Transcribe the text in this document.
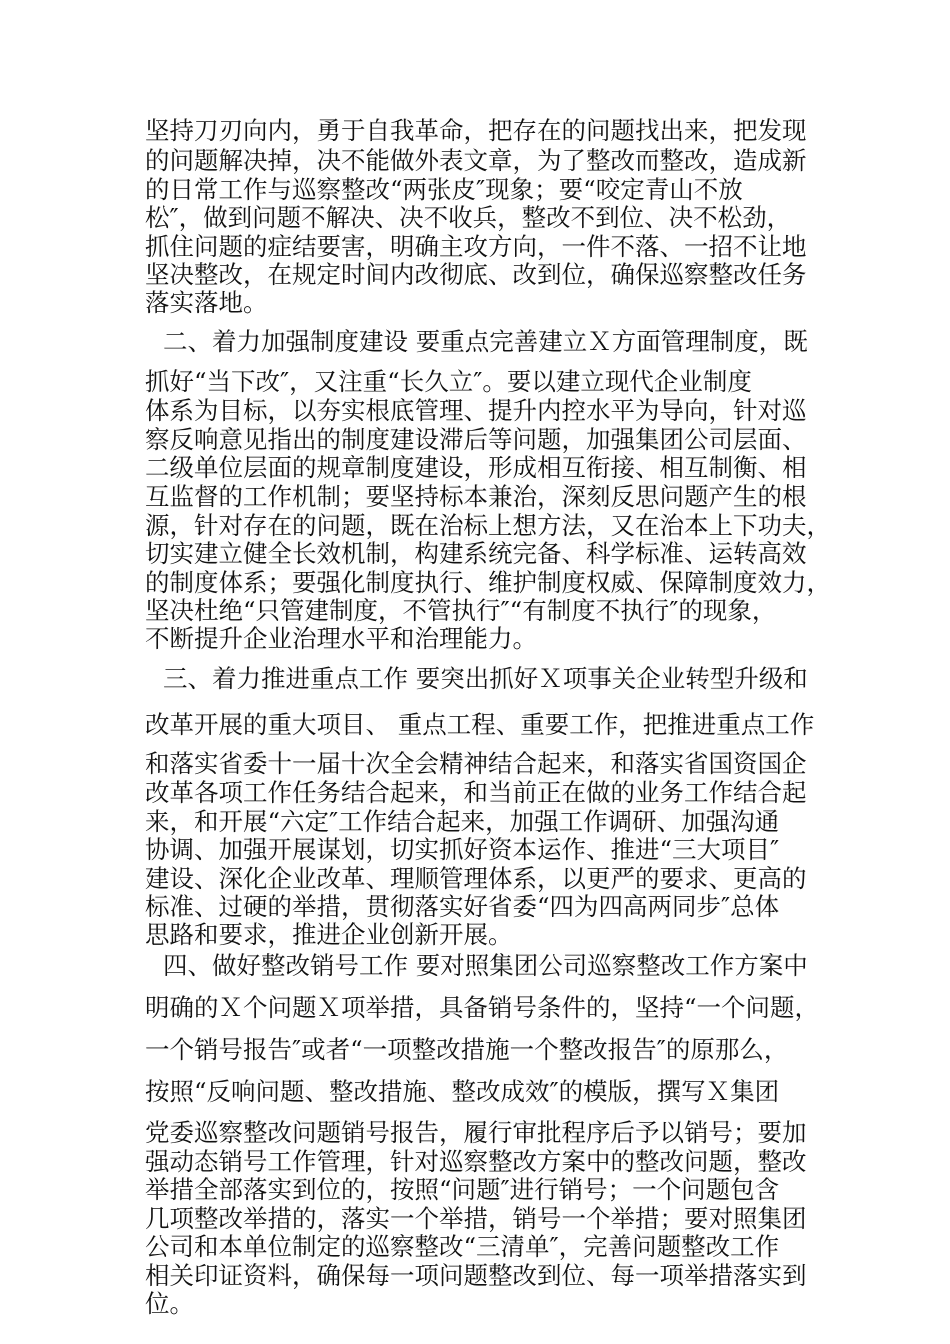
坚持刀刃向内，勇于自我革命，把存在的问题找出来，把发现
的问题解决掉，决不能做外表文章，为了整改而整改，造成新
的日常工作与巡察整改“两张皮″现象；要“咬定青山不放
松″，做到问题不解决、决不收兵，整改不到位、决不松劲，
抓住问题的症结要害，明确主攻方向，一件不落、一招不让地
坚决整改，在规定时间内改彻底、改到位，确保巡察整改任务
落实落地。
二、着力加强制度建设 要重点完善建立Ｘ方面管理制度，既
抓好“当下改″，又注重“长久立″。要以建立现代企业制度
体系为目标，以夯实根底管理、提升内控水平为导向，针对巡
察反响意见指出的制度建设滞后等问题，加强集团公司层面、
二级单位层面的规章制度建设，形成相互衔接、相互制衡、相
互监督的工作机制；要坚持标本兼治，深刻反思问题产生的根
源，针对存在的问题，既在治标上想方法，又在治本上下功夫，
切实建立健全长效机制，构建系统完备、科学标准、运转高效
的制度体系；要强化制度执行、维护制度权威、保障制度效力，
坚决杜绝“只管建制度，不管执行″“有制度不执行″的现象，
不断提升企业治理水平和治理能力。
三、着力推进重点工作 要突出抓好Ｘ项事关企业转型升级和
改革开展的重大项目、 重点工程、重要工作，把推进重点工作
和落实省委十一届十次全会精神结合起来，和落实省国资国企
改革各项工作任务结合起来，和当前正在做的业务工作结合起
来，和开展“六定″工作结合起来，加强工作调研、加强沟通
协调、加强开展谋划，切实抓好资本运作、推进“三大项目″
建设、深化企业改革、理顺管理体系，以更严的要求、更高的
标准、过硬的举措，贯彻落实好省委“四为四高两同步″总体
思路和要求，推进企业创新开展。
四、做好整改销号工作 要对照集团公司巡察整改工作方案中
明确的Ｘ个问题Ｘ项举措，具备销号条件的，坚持“一个问题，
一个销号报告″或者“一项整改措施一个整改报告″的原那么，
按照“反响问题、整改措施、整改成效″的模版，撰写Ｘ集团
党委巡察整改问题销号报告，履行审批程序后予以销号；要加
强动态销号工作管理，针对巡察整改方案中的整改问题，整改
举措全部落实到位的，按照“问题″进行销号；一个问题包含
几项整改举措的，落实一个举措，销号一个举措；要对照集团
公司和本单位制定的巡察整改“三清单″，完善问题整改工作
相关印证资料，确保每一项问题整改到位、每一项举措落实到
位。
